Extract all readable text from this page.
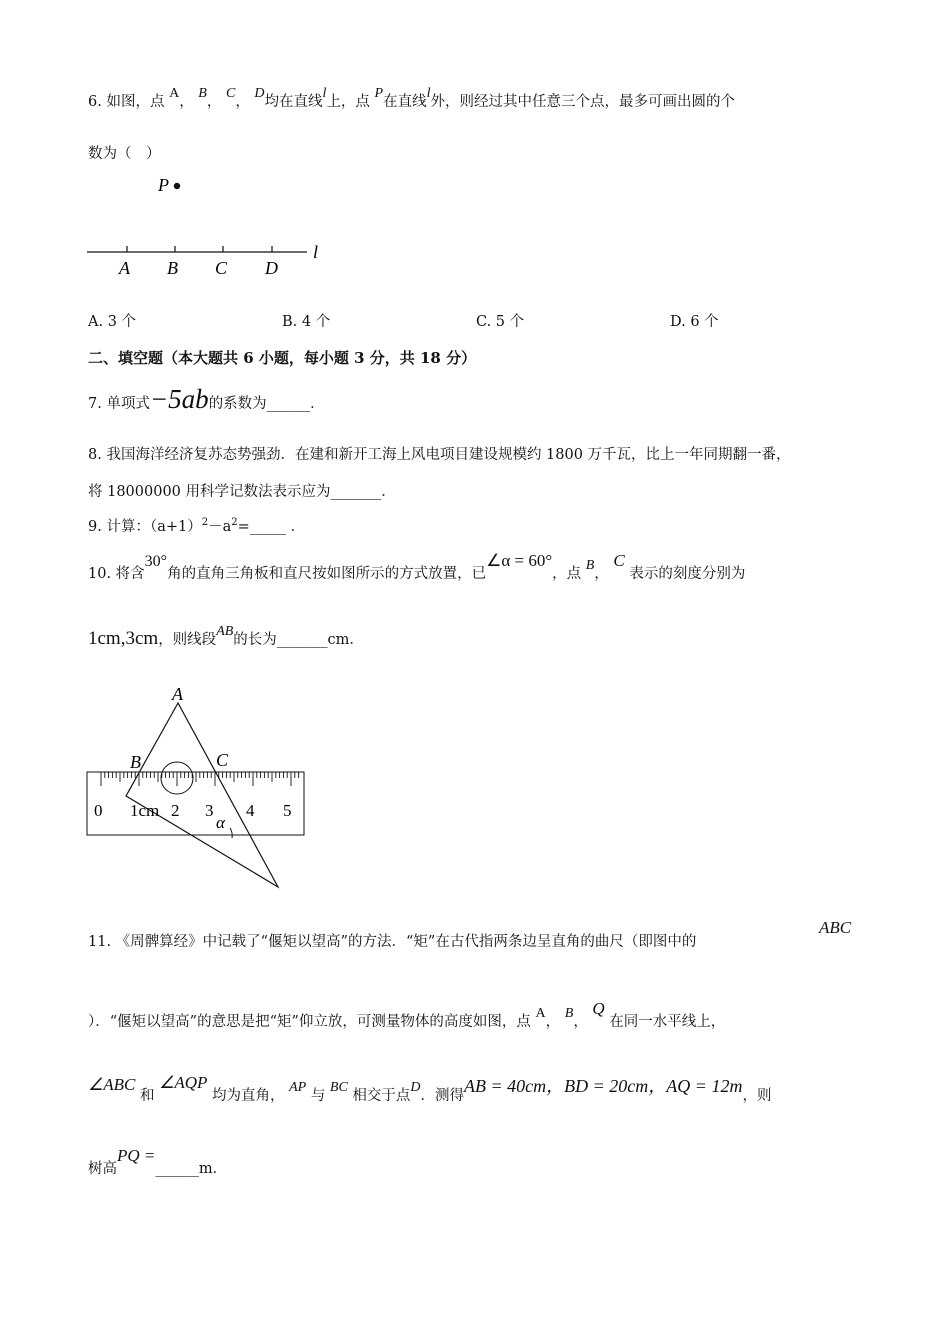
6. 如图，点 A， B， C， D均在直线l上，点 P在直线l外，则经过其中任意三个点，最多可画出圆的个
数为（　）
P
l
A B C D
A. 3 个	B. 4 个	C. 5 个	D. 6 个
二、填空题（本大题共 6 小题，每小题 3 分，共 18 分）
7. 单项式−5ab的系数为______．
8. 我国海洋经济复苏态势强劲．在建和新开工海上风电项目建设规模约 1800 万千瓦，比上一年同期翻一番，
将 18000000 用科学记数法表示应为_______．
9. 计算：$(a+1)^2-a^2=\_\_\_\_\_$ ．
10. 将含30°角的直角三角板和直尺按如图所示的方式放置，已∠α = 60°，点 B， C 表示的刻度分别为
1cm,3cm，则线段AB的长为_______cm．
0 1cm 2 3 4 5
A
B	C
α
11. 《周髀算经》中记载了“偃矩以望高”的方法．“矩”在古代指两条边呈直角的曲尺（即图中的
ABC
）．“偃矩以望高”的意思是把“矩”仰立放，可测量物体的高度如图，点 A， B， Q 在同一水平线上，
∠ABC 和 ∠AQP 均为直角， AP 与 BC 相交于点D．测得AB = 40cm，BD = 20cm，AQ = 12m，则
树高PQ =______m．
